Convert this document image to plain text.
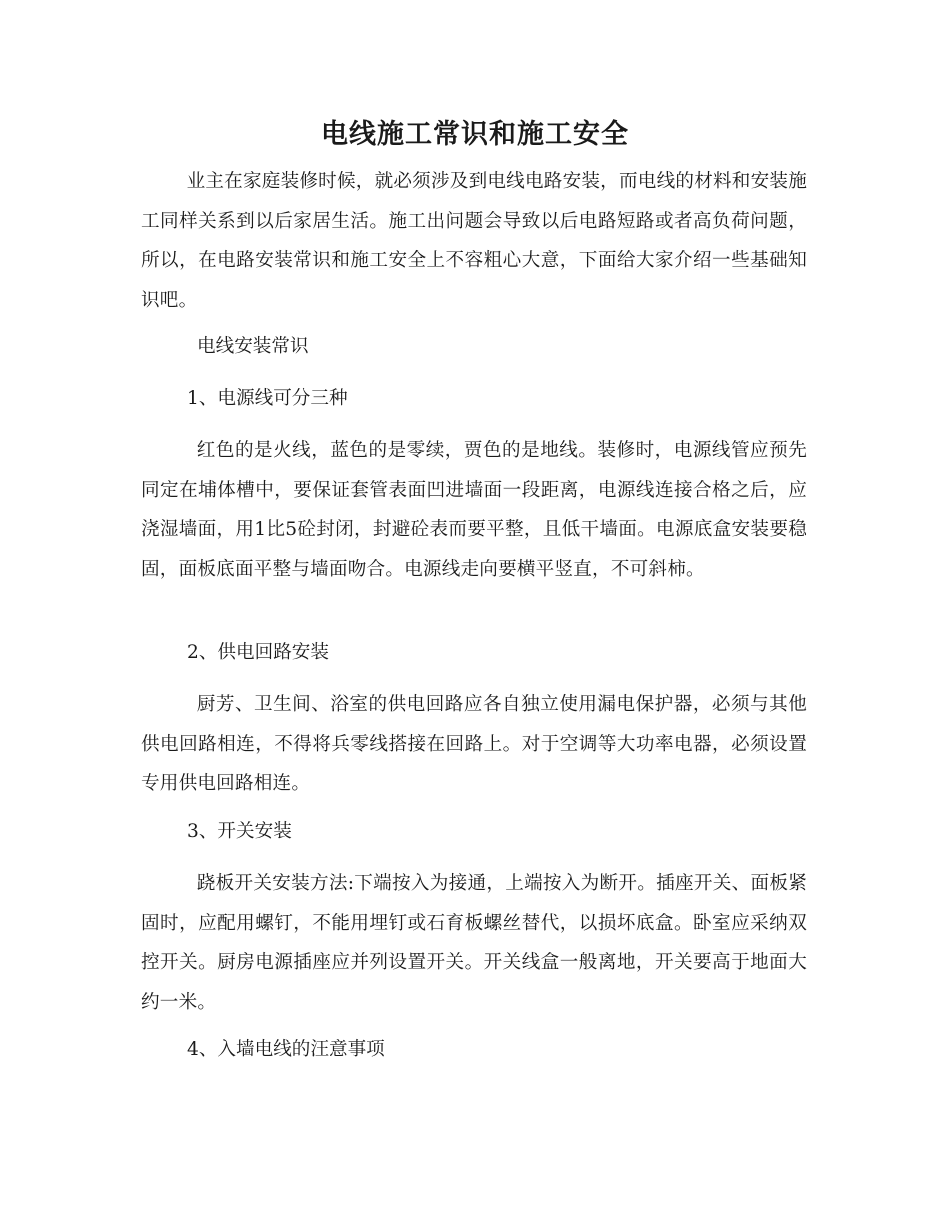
电线施工常识和施工安全

业主在家庭装修时候，就必须涉及到电线电路安装，而电线的材料和安装施工同样关系到以后家居生活。施工出问题会导致以后电路短路或者高负荷问题，所以，在电路安装常识和施工安全上不容粗心大意，下面给大家介绍一些基础知识吧。

电线安装常识

1、电源线可分三种

红色的是火线，蓝色的是零续，贾色的是地线。装修时，电源线管应预先同定在埔体槽中，要保证套管表面凹进墙面一段距离，电源线连接合格之后，应浇湿墙面，用1比5砼封闭，封避砼表而要平整，且低干墙面。电源底盒安装要稳固，面板底面平整与墙面吻合。电源线走向要横平竖直，不可斜柿。

2、供电回路安装

厨芳、卫生间、浴室的供电回路应各自独立使用漏电保护器，必须与其他供电回路相连，不得将兵零线搭接在回路上。对于空调等大功率电器，必须设置专用供电回路相连。

3、开关安装

跷板开关安装方法:下端按入为接通，上端按入为断开。插座开关、面板紧固时，应配用螺钉，不能用埋钉或石育板螺丝替代，以损坏底盒。卧室应采纳双控开关。厨房电源插座应并列设置开关。开关线盒一般离地，开关要高于地面大约一米。

4、入墙电线的汪意事项
